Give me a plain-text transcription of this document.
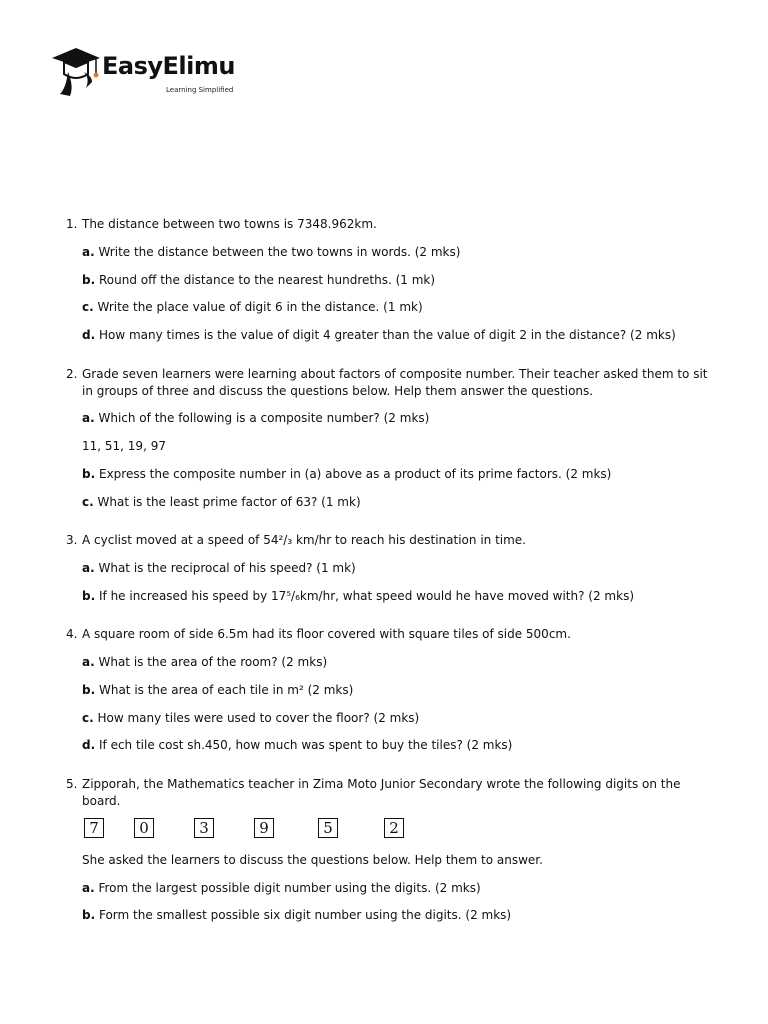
EasyElimu
Learning Simplified
1. The distance between two towns is 7348.962km.
a. Write the distance between the two towns in words. (2 mks)
b. Round off the distance to the nearest hundreths. (1 mk)
c. Write the place value of digit 6 in the distance. (1 mk)
d. How many times is the value of digit 4 greater than the value of digit 2 in the distance? (2 mks)
2. Grade seven learners were learning about factors of composite number. Their teacher asked them to sit in groups of three and discuss the questions below. Help them answer the questions.
a. Which of the following is a composite number? (2 mks)
11, 51, 19, 97
b. Express the composite number in (a) above as a product of its prime factors. (2 mks)
c. What is the least prime factor of 63? (1 mk)
3. A cyclist moved at a speed of 54²/₃ km/hr to reach his destination in time.
a. What is the reciprocal of his speed? (1 mk)
b. If he increased his speed by 17⁵/₆km/hr, what speed would he have moved with? (2 mks)
4. A square room of side 6.5m had its floor covered with square tiles of side 500cm.
a. What is the area of the room? (2 mks)
b. What is the area of each tile in m² (2 mks)
c. How many tiles were used to cover the floor? (2 mks)
d. If ech tile cost sh.450, how much was spent to buy the tiles? (2 mks)
5. Zipporah, the Mathematics teacher in Zima Moto Junior Secondary wrote the following digits on the board.
7	0	3	9	5	2
She asked the learners to discuss the questions below. Help them to answer.
a. From the largest possible digit number using the digits. (2 mks)
b. Form the smallest possible six digit number using the digits. (2 mks)
